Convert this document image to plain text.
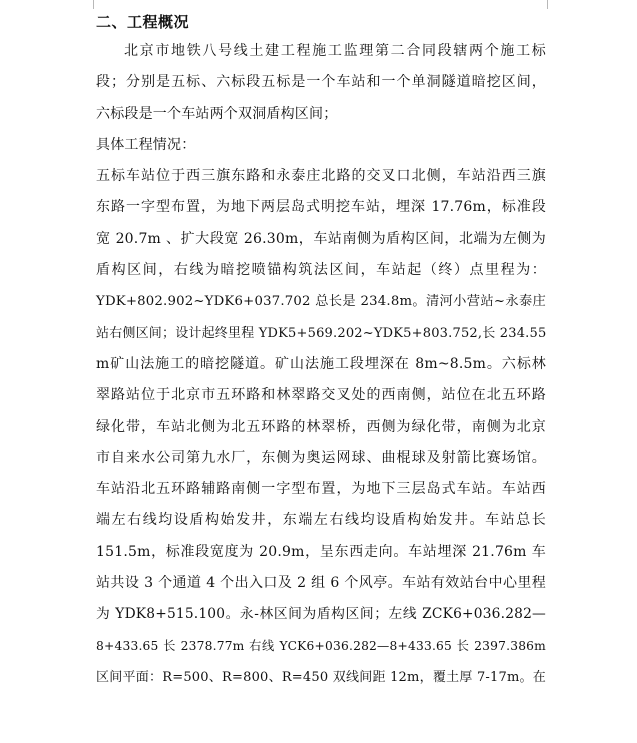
二、工程概况
北京市地铁八号线土建工程施工监理第二合同段辖两个施工标
段；分别是五标、六标段五标是一个车站和一个单洞隧道暗挖区间，
六标段是一个车站两个双洞盾构区间；
具体工程情况：
五标车站位于西三旗东路和永泰庄北路的交叉口北侧，车站沿西三旗
东路一字型布置，为地下两层岛式明挖车站，埋深 17.76m，标准段
宽 20.7m 、扩大段宽 26.30m，车站南侧为盾构区间，北端为左侧为
盾构区间，右线为暗挖喷锚构筑法区间，车站起（终）点里程为：
YDK+802.902~YDK6+037.702 总长是 234.8m。清河小营站~永泰庄
站右侧区间；设计起终里程 YDK5+569.202~YDK5+803.752,长 234.55
m矿山法施工的暗挖隧道。矿山法施工段埋深在 8m~8.5m。六标林
翠路站位于北京市五环路和林翠路交叉处的西南侧，站位在北五环路
绿化带，车站北侧为北五环路的林翠桥，西侧为绿化带，南侧为北京
市自来水公司第九水厂，东侧为奥运网球、曲棍球及射箭比赛场馆。
车站沿北五环路辅路南侧一字型布置，为地下三层岛式车站。车站西
端左右线均设盾构始发井，东端左右线均设盾构始发井。车站总长
151.5m，标准段宽度为 20.9m，呈东西走向。车站埋深 21.76m 车
站共设 3 个通道 4 个出入口及 2 组 6 个风亭。车站有效站台中心里程
为 YDK8+515.100。永-林区间为盾构区间；左线 ZCK6+036.282—
8+433.65 长 2378.77m 右线 YCK6+036.282—8+433.65 长 2397.386m
区间平面：R=500、R=800、R=450 双线间距 12m，覆土厚 7-17m。在
